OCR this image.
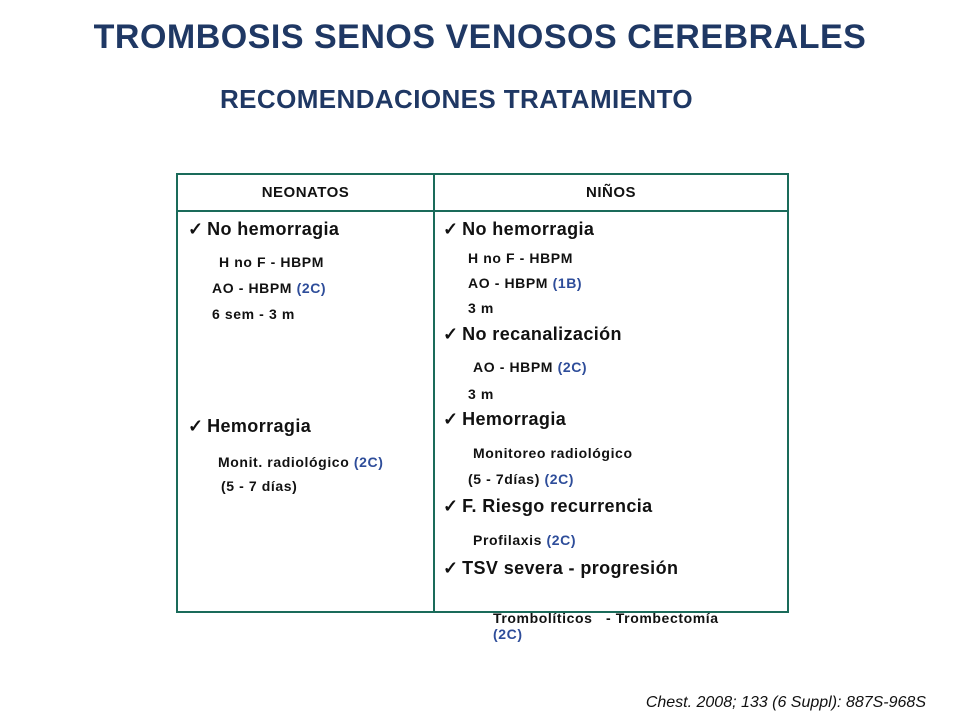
TROMBOSIS SENOS VENOSOS CEREBRALES
RECOMENDACIONES TRATAMIENTO
NEONATOS	NIÑOS
✓ No hemorragia
H no F - HBPM
AO - HBPM (2C)
6 sem - 3 m
✓ Hemorragia
Monit. radiológico (2C)
(5 - 7 días)
✓ No hemorragia
H no F - HBPM
AO - HBPM (1B)
3 m
✓ No recanalización
AO - HBPM (2C)
3 m
✓ Hemorragia
Monitoreo radiológico
(5 - 7días) (2C)
✓ F. Riesgo recurrencia
Profilaxis (2C)
✓ TSV severa - progresión

Trombolíticos   - Trombectomía
(2C)

Chest. 2008; 133 (6 Suppl): 887S-968S
